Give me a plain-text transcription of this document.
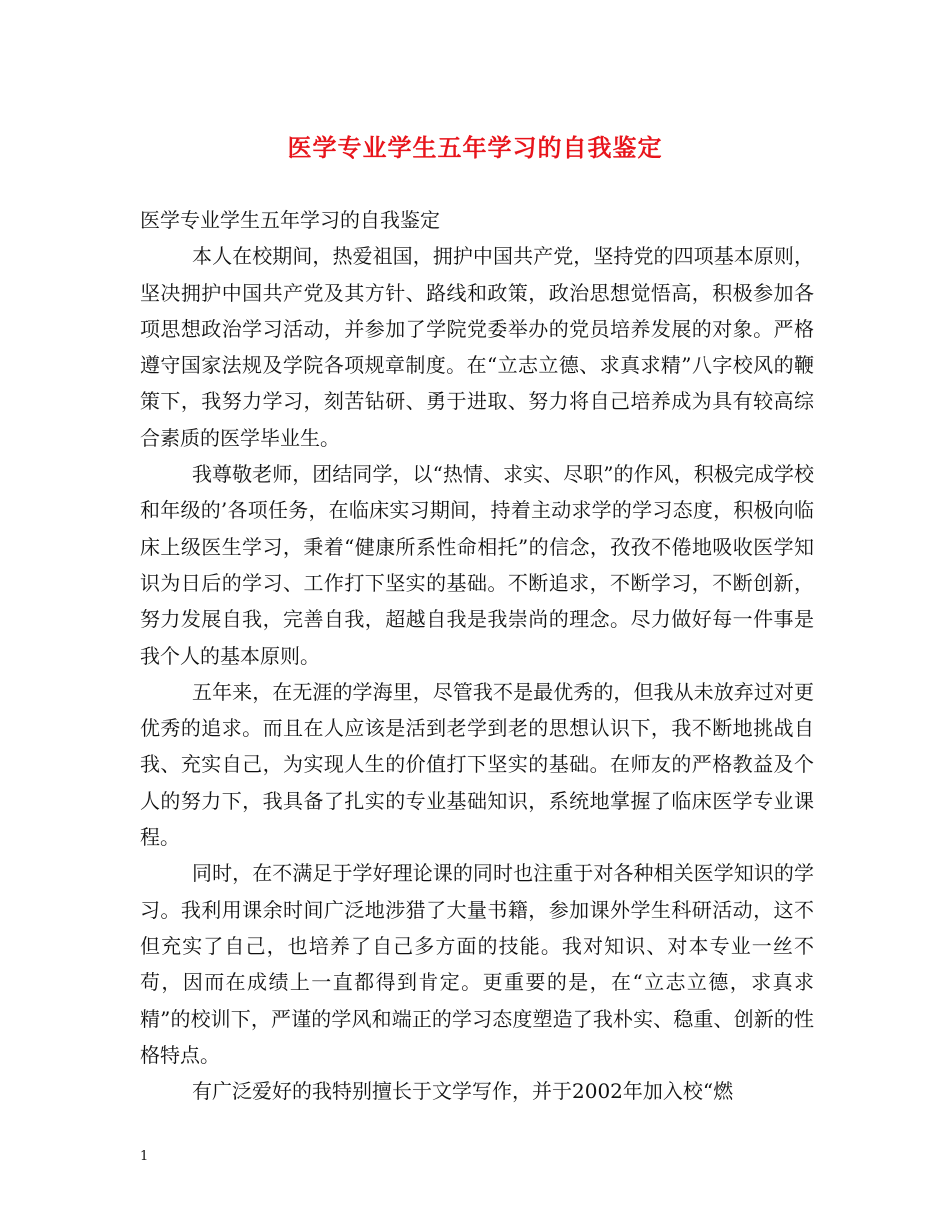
医学专业学生五年学习的自我鉴定

医学专业学生五年学习的自我鉴定

本人在校期间，热爱祖国，拥护中国共产党，坚持党的四项基本原则，坚决拥护中国共产党及其方针、路线和政策，政治思想觉悟高，积极参加各项思想政治学习活动，并参加了学院党委举办的党员培养发展的对象。严格遵守国家法规及学院各项规章制度。在“立志立德、求真求精”八字校风的鞭策下，我努力学习，刻苦钻研、勇于进取、努力将自己培养成为具有较高综合素质的医学毕业生。

我尊敬老师，团结同学，以“热情、求实、尽职”的作风，积极完成学校和年级的’各项任务，在临床实习期间，持着主动求学的学习态度，积极向临床上级医生学习，秉着“健康所系性命相托”的信念，孜孜不倦地吸收医学知识为日后的学习、工作打下坚实的基础。不断追求，不断学习，不断创新，努力发展自我，完善自我，超越自我是我崇尚的理念。尽力做好每一件事是我个人的基本原则。

五年来，在无涯的学海里，尽管我不是最优秀的，但我从未放弃过对更优秀的追求。而且在人应该是活到老学到老的思想认识下，我不断地挑战自我、充实自己，为实现人生的价值打下坚实的基础。在师友的严格教益及个人的努力下，我具备了扎实的专业基础知识，系统地掌握了临床医学专业课程。

同时，在不满足于学好理论课的同时也注重于对各种相关医学知识的学习。我利用课余时间广泛地涉猎了大量书籍，参加课外学生科研活动，这不但充实了自己，也培养了自己多方面的技能。我对知识、对本专业一丝不苟，因而在成绩上一直都得到肯定。更重要的是，在“立志立德，求真求精”的校训下，严谨的学风和端正的学习态度塑造了我朴实、稳重、创新的性格特点。

有广泛爱好的我特别擅长于文学写作，并于2002年加入校“燃

1
